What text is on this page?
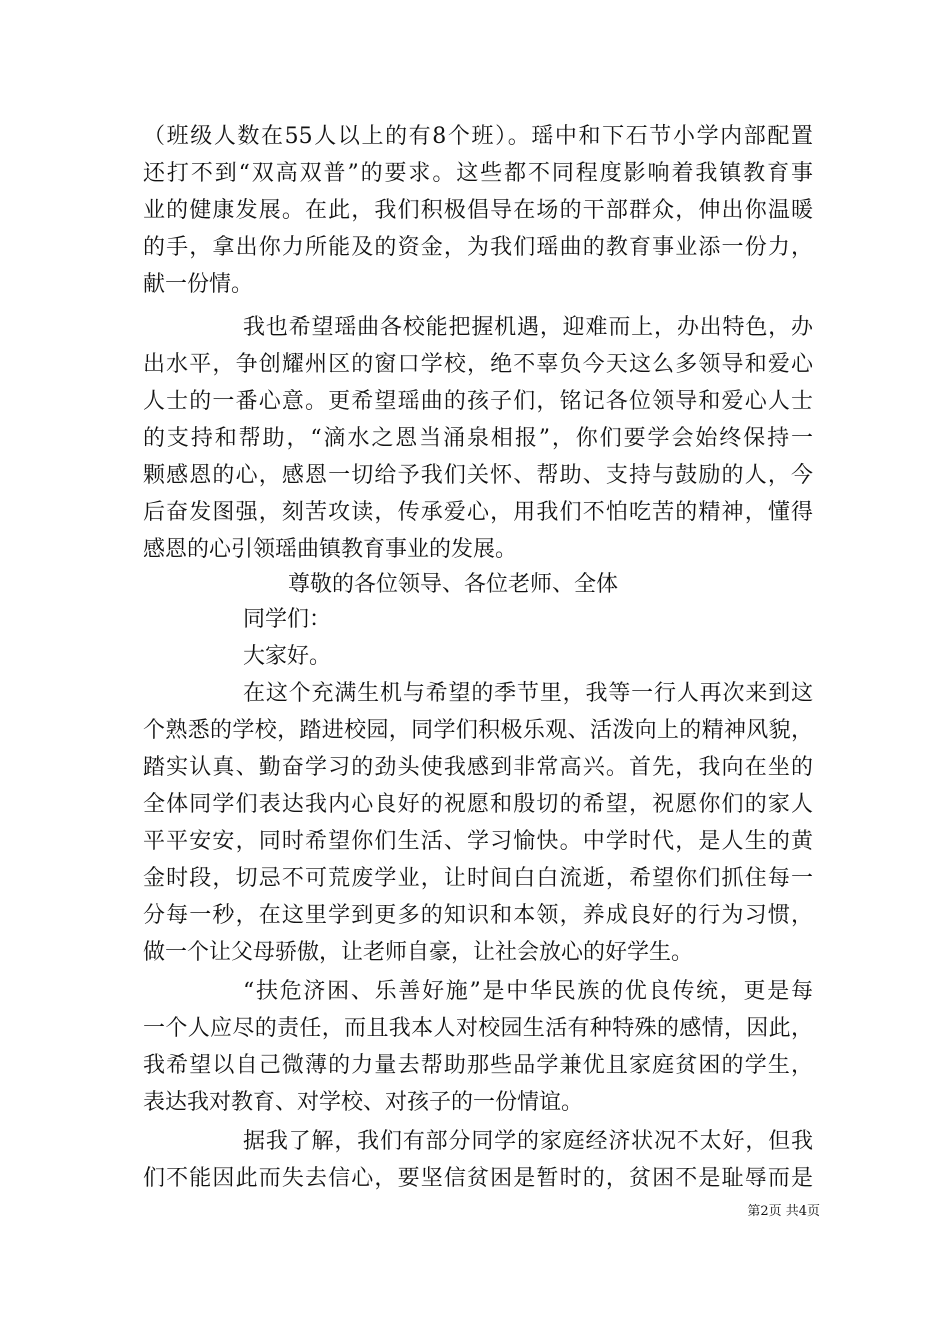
（班级人数在55人以上的有8个班）。瑶中和下石节小学内部配置
还打不到“双高双普”的要求。这些都不同程度影响着我镇教育事
业的健康发展。在此，我们积极倡导在场的干部群众，伸出你温暖
的手，拿出你力所能及的资金，为我们瑶曲的教育事业添一份力，
献一份情。
我也希望瑶曲各校能把握机遇，迎难而上，办出特色，办
出水平，争创耀州区的窗口学校，绝不辜负今天这么多领导和爱心
人士的一番心意。更希望瑶曲的孩子们，铭记各位领导和爱心人士
的支持和帮助，“滴水之恩当涌泉相报”，你们要学会始终保持一
颗感恩的心，感恩一切给予我们关怀、帮助、支持与鼓励的人，今
后奋发图强，刻苦攻读，传承爱心，用我们不怕吃苦的精神，懂得
感恩的心引领瑶曲镇教育事业的发展。
尊敬的各位领导、各位老师、全体
同学们：
大家好。
在这个充满生机与希望的季节里，我等一行人再次来到这
个熟悉的学校，踏进校园，同学们积极乐观、活泼向上的精神风貌，
踏实认真、勤奋学习的劲头使我感到非常高兴。首先，我向在坐的
全体同学们表达我内心良好的祝愿和殷切的希望，祝愿你们的家人
平平安安，同时希望你们生活、学习愉快。中学时代，是人生的黄
金时段，切忌不可荒废学业，让时间白白流逝，希望你们抓住每一
分每一秒，在这里学到更多的知识和本领，养成良好的行为习惯，
做一个让父母骄傲，让老师自豪，让社会放心的好学生。
“扶危济困、乐善好施”是中华民族的优良传统，更是每
一个人应尽的责任，而且我本人对校园生活有种特殊的感情，因此，
我希望以自己微薄的力量去帮助那些品学兼优且家庭贫困的学生，
表达我对教育、对学校、对孩子的一份情谊。
据我了解，我们有部分同学的家庭经济状况不太好，但我
们不能因此而失去信心，要坚信贫困是暂时的，贫困不是耻辱而是
第2页 共4页
